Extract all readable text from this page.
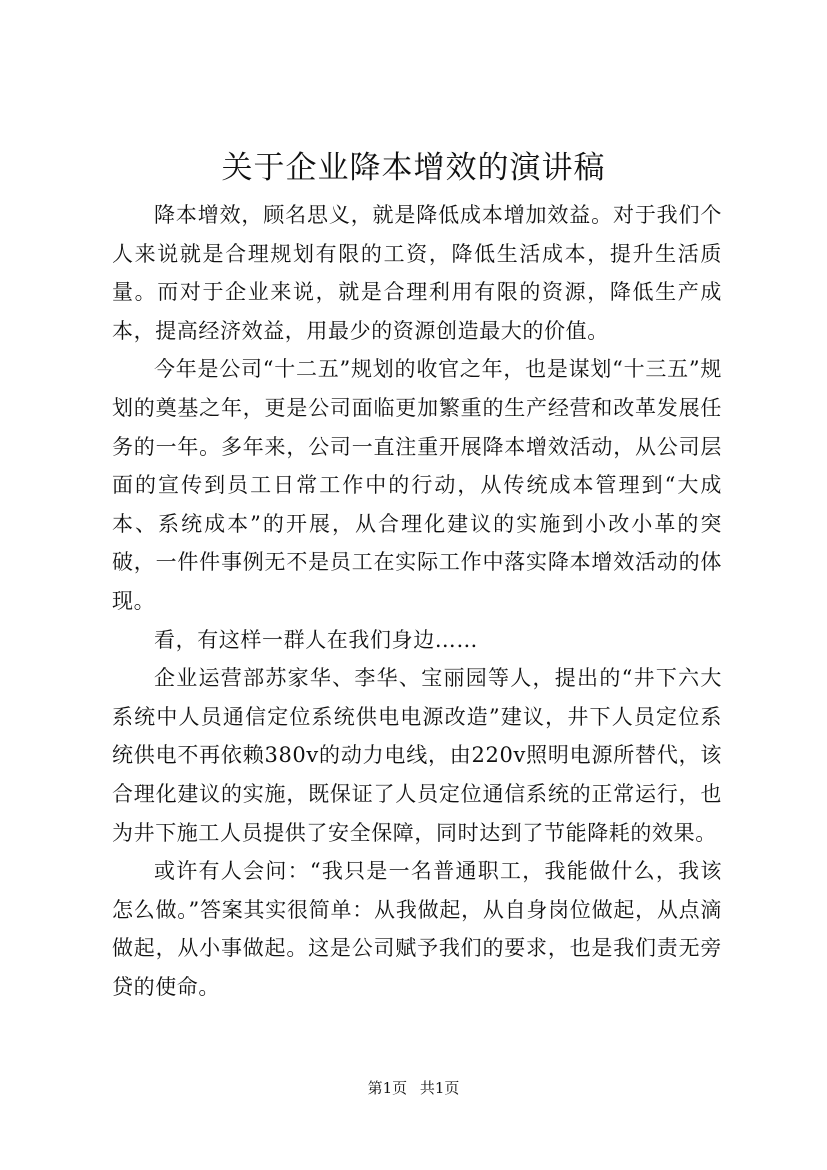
关于企业降本增效的演讲稿

降本增效，顾名思义，就是降低成本增加效益。对于我们个人来说就是合理规划有限的工资，降低生活成本，提升生活质量。而对于企业来说，就是合理利用有限的资源，降低生产成本，提高经济效益，用最少的资源创造最大的价值。

今年是公司“十二五”规划的收官之年，也是谋划“十三五”规划的奠基之年，更是公司面临更加繁重的生产经营和改革发展任务的一年。多年来，公司一直注重开展降本增效活动，从公司层面的宣传到员工日常工作中的行动，从传统成本管理到“大成本、系统成本”的开展，从合理化建议的实施到小改小革的突破，一件件事例无不是员工在实际工作中落实降本增效活动的体现。

看，有这样一群人在我们身边……

企业运营部苏家华、李华、宝丽园等人，提出的“井下六大系统中人员通信定位系统供电电源改造”建议，井下人员定位系统供电不再依赖380v的动力电线，由220v照明电源所替代，该合理化建议的实施，既保证了人员定位通信系统的正常运行，也为井下施工人员提供了安全保障，同时达到了节能降耗的效果。

或许有人会问：“我只是一名普通职工，我能做什么，我该怎么做。”答案其实很简单：从我做起，从自身岗位做起，从点滴做起，从小事做起。这是公司赋予我们的要求，也是我们责无旁贷的使命。

第1页 共1页
